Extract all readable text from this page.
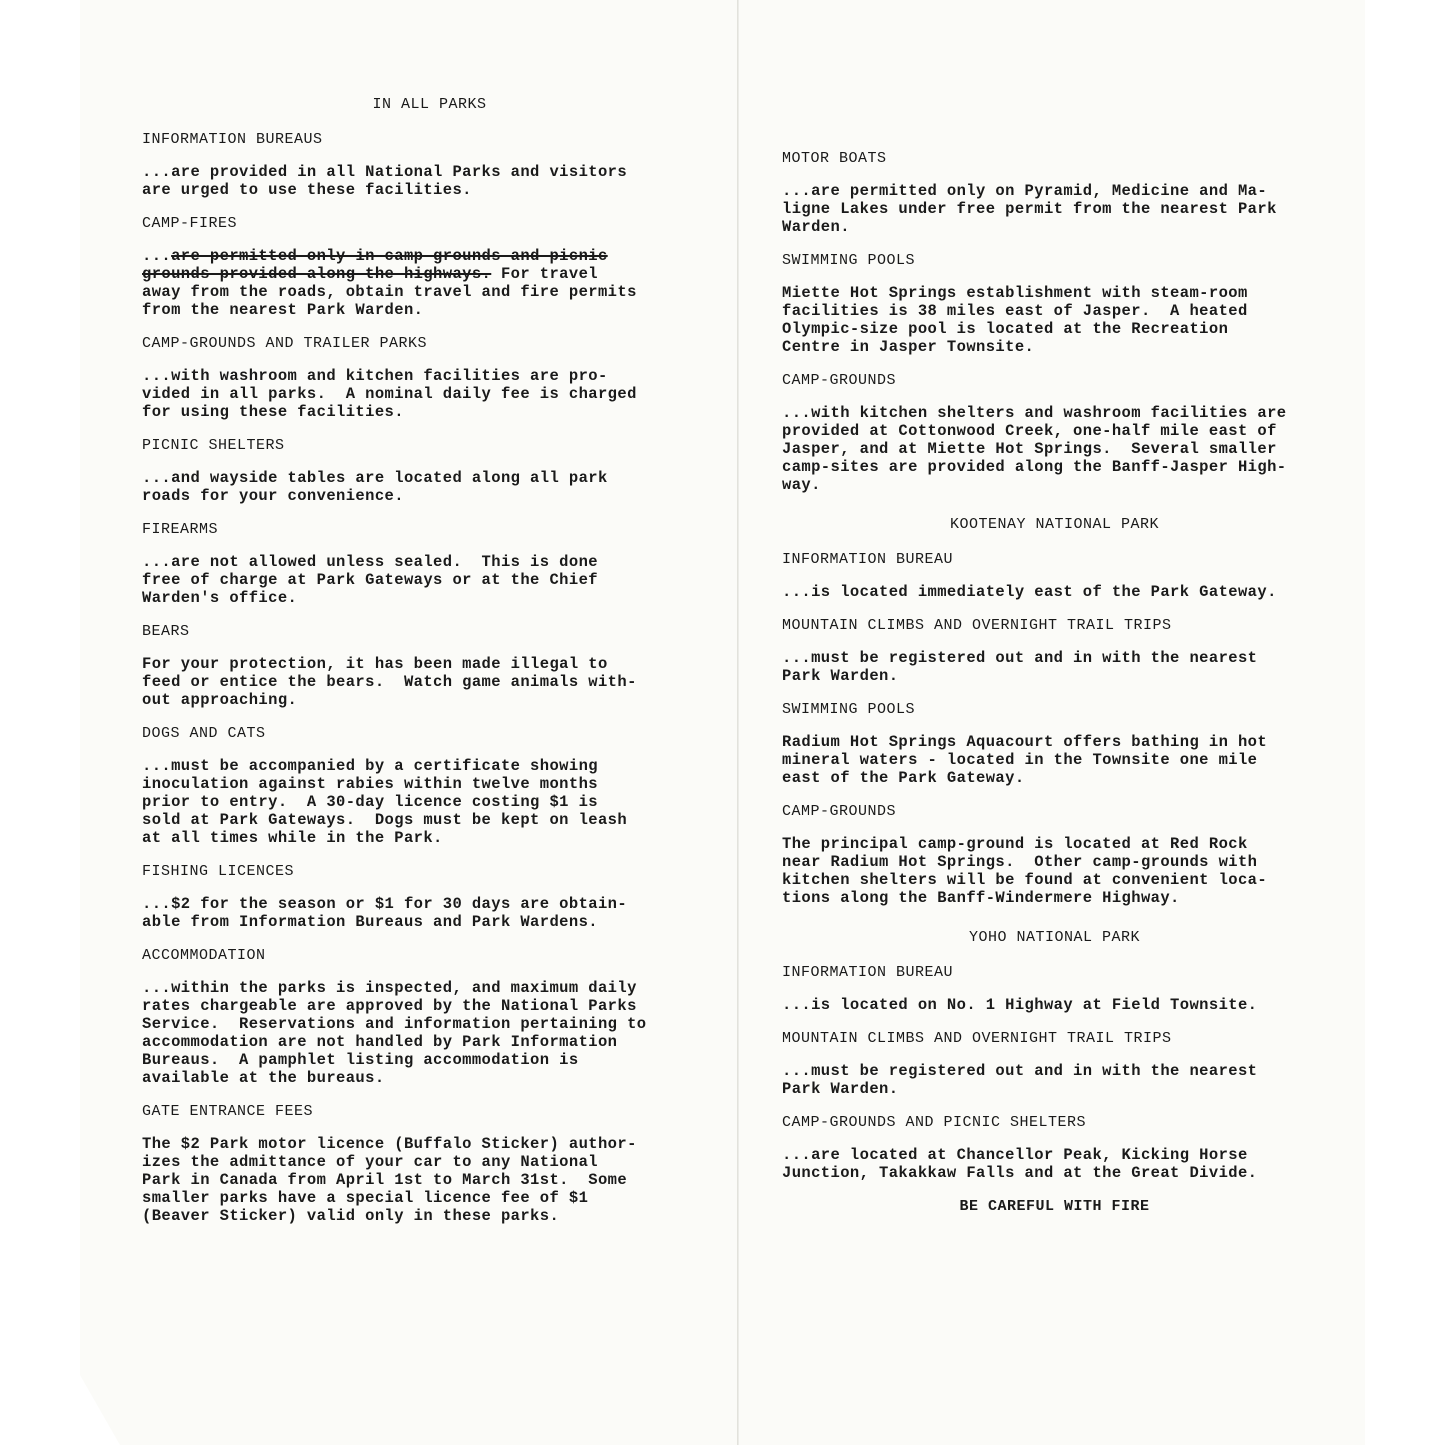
IN ALL PARKS
INFORMATION BUREAUS
...are provided in all National Parks and visitors
are urged to use these facilities.
CAMP-FIRES
...are permitted only in camp-grounds and picnic
grounds provided along the highways. For travel
away from the roads, obtain travel and fire permits
from the nearest Park Warden.
CAMP-GROUNDS AND TRAILER PARKS
...with washroom and kitchen facilities are pro-
vided in all parks.  A nominal daily fee is charged
for using these facilities.
PICNIC SHELTERS
...and wayside tables are located along all park
roads for your convenience.
FIREARMS
...are not allowed unless sealed.  This is done
free of charge at Park Gateways or at the Chief
Warden's office.
BEARS
For your protection, it has been made illegal to
feed or entice the bears.  Watch game animals with-
out approaching.
DOGS AND CATS
...must be accompanied by a certificate showing
inoculation against rabies within twelve months
prior to entry.  A 30-day licence costing $1 is
sold at Park Gateways.  Dogs must be kept on leash
at all times while in the Park.
FISHING LICENCES
...$2 for the season or $1 for 30 days are obtain-
able from Information Bureaus and Park Wardens.
ACCOMMODATION
...within the parks is inspected, and maximum daily
rates chargeable are approved by the National Parks
Service.  Reservations and information pertaining to
accommodation are not handled by Park Information
Bureaus.  A pamphlet listing accommodation is
available at the bureaus.
GATE ENTRANCE FEES
The $2 Park motor licence (Buffalo Sticker) author-
izes the admittance of your car to any National
Park in Canada from April 1st to March 31st.  Some
smaller parks have a special licence fee of $1
(Beaver Sticker) valid only in these parks.
MOTOR BOATS
...are permitted only on Pyramid, Medicine and Ma-
ligne Lakes under free permit from the nearest Park
Warden.
SWIMMING POOLS
Miette Hot Springs establishment with steam-room
facilities is 38 miles east of Jasper.  A heated
Olympic-size pool is located at the Recreation
Centre in Jasper Townsite.
CAMP-GROUNDS
...with kitchen shelters and washroom facilities are
provided at Cottonwood Creek, one-half mile east of
Jasper, and at Miette Hot Springs.  Several smaller
camp-sites are provided along the Banff-Jasper High-
way.
KOOTENAY NATIONAL PARK
INFORMATION BUREAU
...is located immediately east of the Park Gateway.
MOUNTAIN CLIMBS AND OVERNIGHT TRAIL TRIPS
...must be registered out and in with the nearest
Park Warden.
SWIMMING POOLS
Radium Hot Springs Aquacourt offers bathing in hot
mineral waters - located in the Townsite one mile
east of the Park Gateway.
CAMP-GROUNDS
The principal camp-ground is located at Red Rock
near Radium Hot Springs.  Other camp-grounds with
kitchen shelters will be found at convenient loca-
tions along the Banff-Windermere Highway.
YOHO NATIONAL PARK
INFORMATION BUREAU
...is located on No. 1 Highway at Field Townsite.
MOUNTAIN CLIMBS AND OVERNIGHT TRAIL TRIPS
...must be registered out and in with the nearest
Park Warden.
CAMP-GROUNDS AND PICNIC SHELTERS
...are located at Chancellor Peak, Kicking Horse
Junction, Takakkaw Falls and at the Great Divide.
BE CAREFUL WITH FIRE
